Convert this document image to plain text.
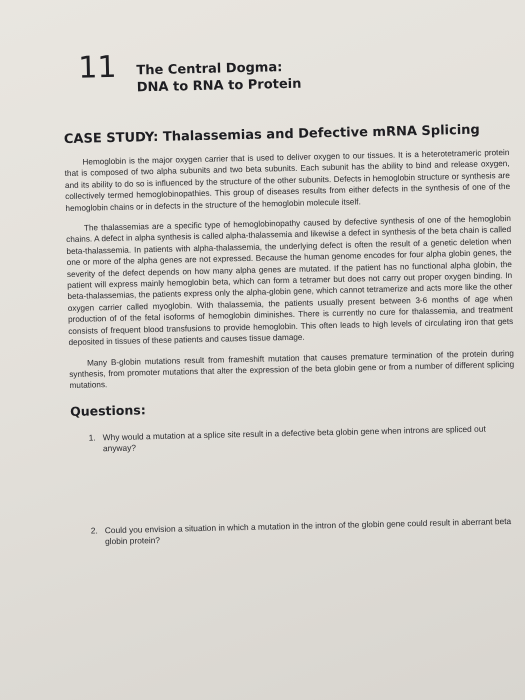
11	The Central Dogma:
DNA to RNA to Protein
CASE STUDY: Thalassemias and Defective mRNA Splicing

Hemoglobin is the major oxygen carrier that is used to deliver oxygen to our tissues. It is a heterotetrameric protein that is composed of two alpha subunits and two beta subunits. Each subunit has the ability to bind and release oxygen, and its ability to do so is influenced by the structure of the other subunits. Defects in hemoglobin structure or synthesis are collectively termed hemoglobinopathies. This group of diseases results from either defects in the synthesis of one of the hemoglobin chains or in defects in the structure of the hemoglobin molecule itself.

The thalassemias are a specific type of hemoglobinopathy caused by defective synthesis of one of the hemoglobin chains. A defect in alpha synthesis is called alpha-thalassemia and likewise a defect in synthesis of the beta chain is called beta-thalassemia. In patients with alpha-thalassemia, the underlying defect is often the result of a genetic deletion when one or more of the alpha genes are not expressed. Because the human genome encodes for four alpha globin genes, the severity of the defect depends on how many alpha genes are mutated. If the patient has no functional alpha globin, the patient will express mainly hemoglobin beta, which can form a tetramer but does not carry out proper oxygen binding. In beta-thalassemias, the patients express only the alpha-globin gene, which cannot tetramerize and acts more like the other oxygen carrier called myoglobin. With thalassemia, the patients usually present between 3-6 months of age when production of of the fetal isoforms of hemoglobin diminishes. There is currently no cure for thalassemia, and treatment consists of frequent blood transfusions to provide hemoglobin. This often leads to high levels of circulating iron that gets deposited in tissues of these patients and causes tissue damage.

Many B-globin mutations result from frameshift mutation that causes premature termination of the protein during synthesis, from promoter mutations that alter the expression of the beta globin gene or from a number of different splicing mutations.

Questions:
1. Why would a mutation at a splice site result in a defective beta globin gene when introns are spliced out anyway?
2. Could you envision a situation in which a mutation in the intron of the globin gene could result in aberrant beta globin protein?
